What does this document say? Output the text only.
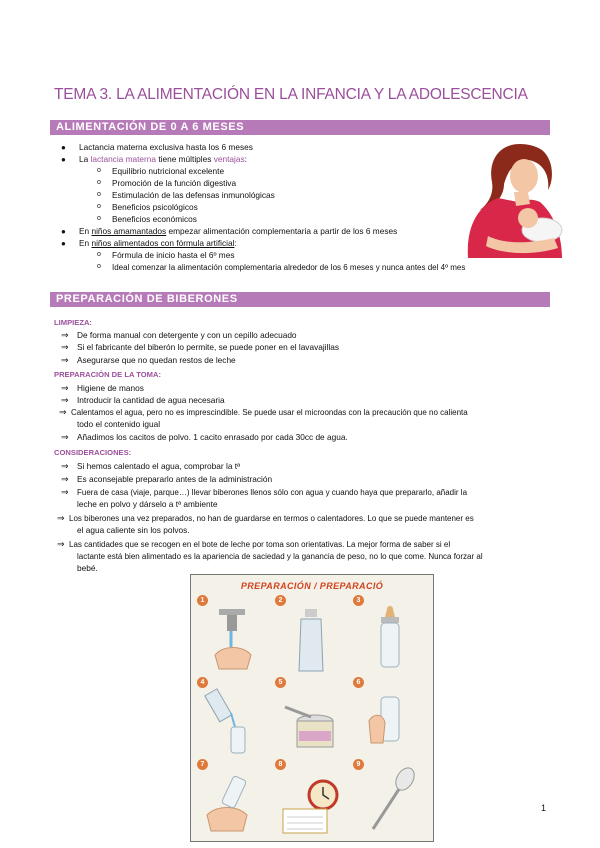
TEMA 3. LA ALIMENTACIÓN EN LA INFANCIA Y LA ADOLESCENCIA
ALIMENTACIÓN DE 0 A 6 MESES
● Lactancia materna exclusiva hasta los 6 meses
● La lactancia materna tiene múltiples ventajas:
o Equilibrio nutricional excelente
o Promoción de la función digestiva
o Estimulación de las defensas inmunológicas
o Beneficios psicológicos
o Beneficios económicos
● En niños amamantados empezar alimentación complementaria a partir de los 6 meses
● En niños alimentados con fórmula artificial:
o Fórmula de inicio hasta el 6º mes
o Ideal comenzar la alimentación complementaria alrededor de los 6 meses y nunca antes del 4º mes
PREPARACIÓN DE BIBERONES
LIMPIEZA:
⇒ De forma manual con detergente y con un cepillo adecuado
⇒ Si el fabricante del biberón lo permite, se puede poner en el lavavajillas
⇒ Asegurarse que no quedan restos de leche
PREPARACIÓN DE LA TOMA:
⇒ Higiene de manos
⇒ Introducir la cantidad de agua necesaria
⇒ Calentamos el agua, pero no es imprescindible. Se puede usar el microondas con la precaución que no calienta
todo el contenido igual
⇒ Añadimos los cacitos de polvo. 1 cacito enrasado por cada 30cc de agua.
CONSIDERACIONES:
⇒ Si hemos calentado el agua, comprobar la tª
⇒ Es aconsejable prepararlo antes de la administración
⇒ Fuera de casa (viaje, parque…) llevar biberones llenos sólo con agua y cuando haya que prepararlo, añadir la
leche en polvo y dárselo a tª ambiente
⇒ Los biberones una vez preparados, no han de guardarse en termos o calentadores. Lo que se puede mantener es
el agua caliente sin los polvos.
⇒ Las cantidades que se recogen en el bote de leche por toma son orientativas. La mejor forma de saber si el
lactante está bien alimentado es la apariencia de saciedad y la ganancia de peso, no lo que come. Nunca forzar al
bebé.
PREPARACIÓN / PREPARACIÓ
1	2	3
4	5	6
7	8	9
1
